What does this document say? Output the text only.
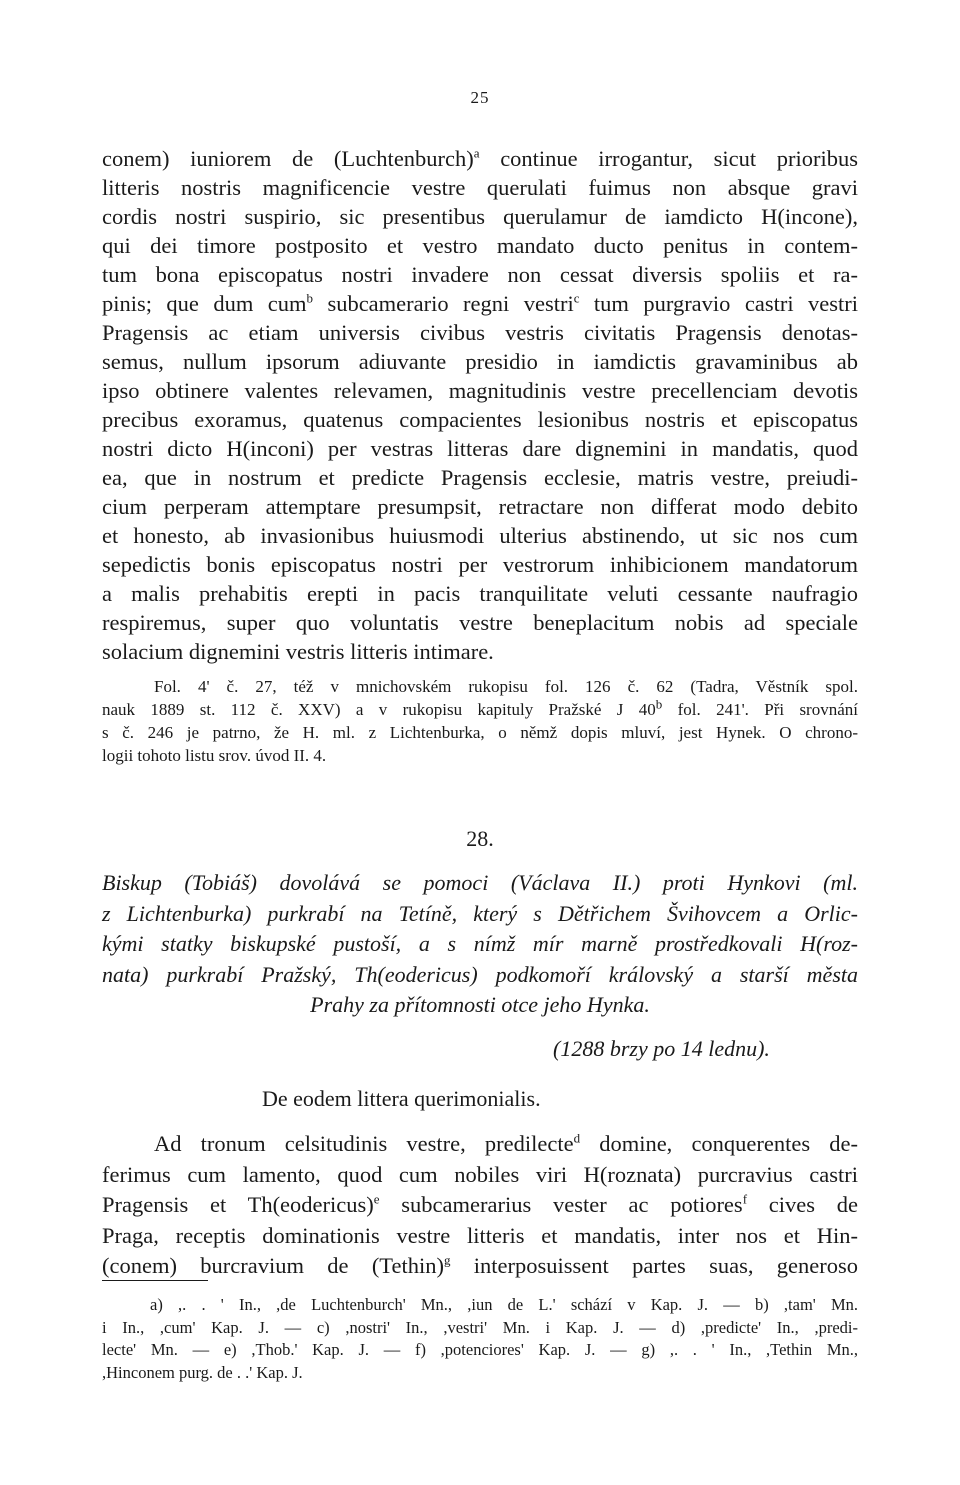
25
conem) iuniorem de (Luchtenburch)$^a$ continue irrogantur, sicut prioribus
litteris nostris magnificencie vestre querulati fuimus non absque gravi
cordis nostri suspirio, sic presentibus querulamur de iamdicto H(incone),
qui dei timore postposito et vestro mandato ducto penitus in contem-
tum bona episcopatus nostri invadere non cessat diversis spoliis et ra-
pinis; que dum cum$^b$ subcamerario regni vestri$^c$ tum purgravio castri vestri
Pragensis ac etiam universis civibus vestris civitatis Pragensis denotas-
semus, nullum ipsorum adiuvante presidio in iamdictis gravaminibus ab
ipso obtinere valentes relevamen, magnitudinis vestre precellenciam devotis
precibus exoramus, quatenus compacientes lesionibus nostris et episcopatus
nostri dicto H(inconi) per vestras litteras dare dignemini in mandatis, quod
ea, que in nostrum et predicte Pragensis ecclesie, matris vestre, preiudi-
cium perperam attemptare presumpsit, retractare non differat modo debito
et honesto, ab invasionibus huiusmodi ulterius abstinendo, ut sic nos cum
sepedictis bonis episcopatus nostri per vestrorum inhibicionem mandatorum
a malis prehabitis erepti in pacis tranquilitate veluti cessante naufragio
respiremus, super quo voluntatis vestre beneplacitum nobis ad speciale
solacium dignemini vestris litteris intimare.
Fol. 4' č. 27, též v mnichovském rukopisu fol. 126 č. 62 (Tadra, Věstník spol.
nauk 1889 st. 112 č. XXV) a v rukopisu kapituly Pražské J 40$^b$ fol. 241'. Při srovnání
s č. 246 je patrno, že H. ml. z Lichtenburka, o němž dopis mluví, jest Hynek. O chrono-
logii tohoto listu srov. úvod II. 4.
28.
Biskup (Tobiáš) dovolává se pomoci (Václava II.) proti Hynkovi (ml.
z Lichtenburka) purkrabí na Tetíně, který s Dětřichem Švihovcem a Orlic-
kými statky biskupské pustoší, a s nímž mír marně prostředkovali H(roz-
nata) purkrabí Pražský, Th(eodericus) podkomoří královský a starší města
Prahy za přítomnosti otce jeho Hynka.
(1288 brzy po 14 lednu).
De eodem littera querimonialis.
Ad tronum celsitudinis vestre, predilecte$^d$ domine, conquerentes de-
ferimus cum lamento, quod cum nobiles viri H(roznata) purcravius castri
Pragensis et Th(eodericus)$^e$ subcamerarius vester ac potiores$^f$ cives de
Praga, receptis dominationis vestre litteris et mandatis, inter nos et Hin-
(conem) burcravium de (Tethin)$^g$ interposuissent partes suas, generoso
a) ,. . ' In., ,de Luchtenburch' Mn., ,iun de L.' schází v Kap. J. — b) ,tam' Mn.
i In., ,cum' Kap. J. — c) ,nostri' In., ,vestri' Mn. i Kap. J. — d) ,predicte' In., ,predi-
lecte' Mn. — e) ,Thob.' Kap. J. — f) ,potenciores' Kap. J. — g) ,. . ' In., ,Tethin Mn.,
,Hinconem purg. de . .' Kap. J.
